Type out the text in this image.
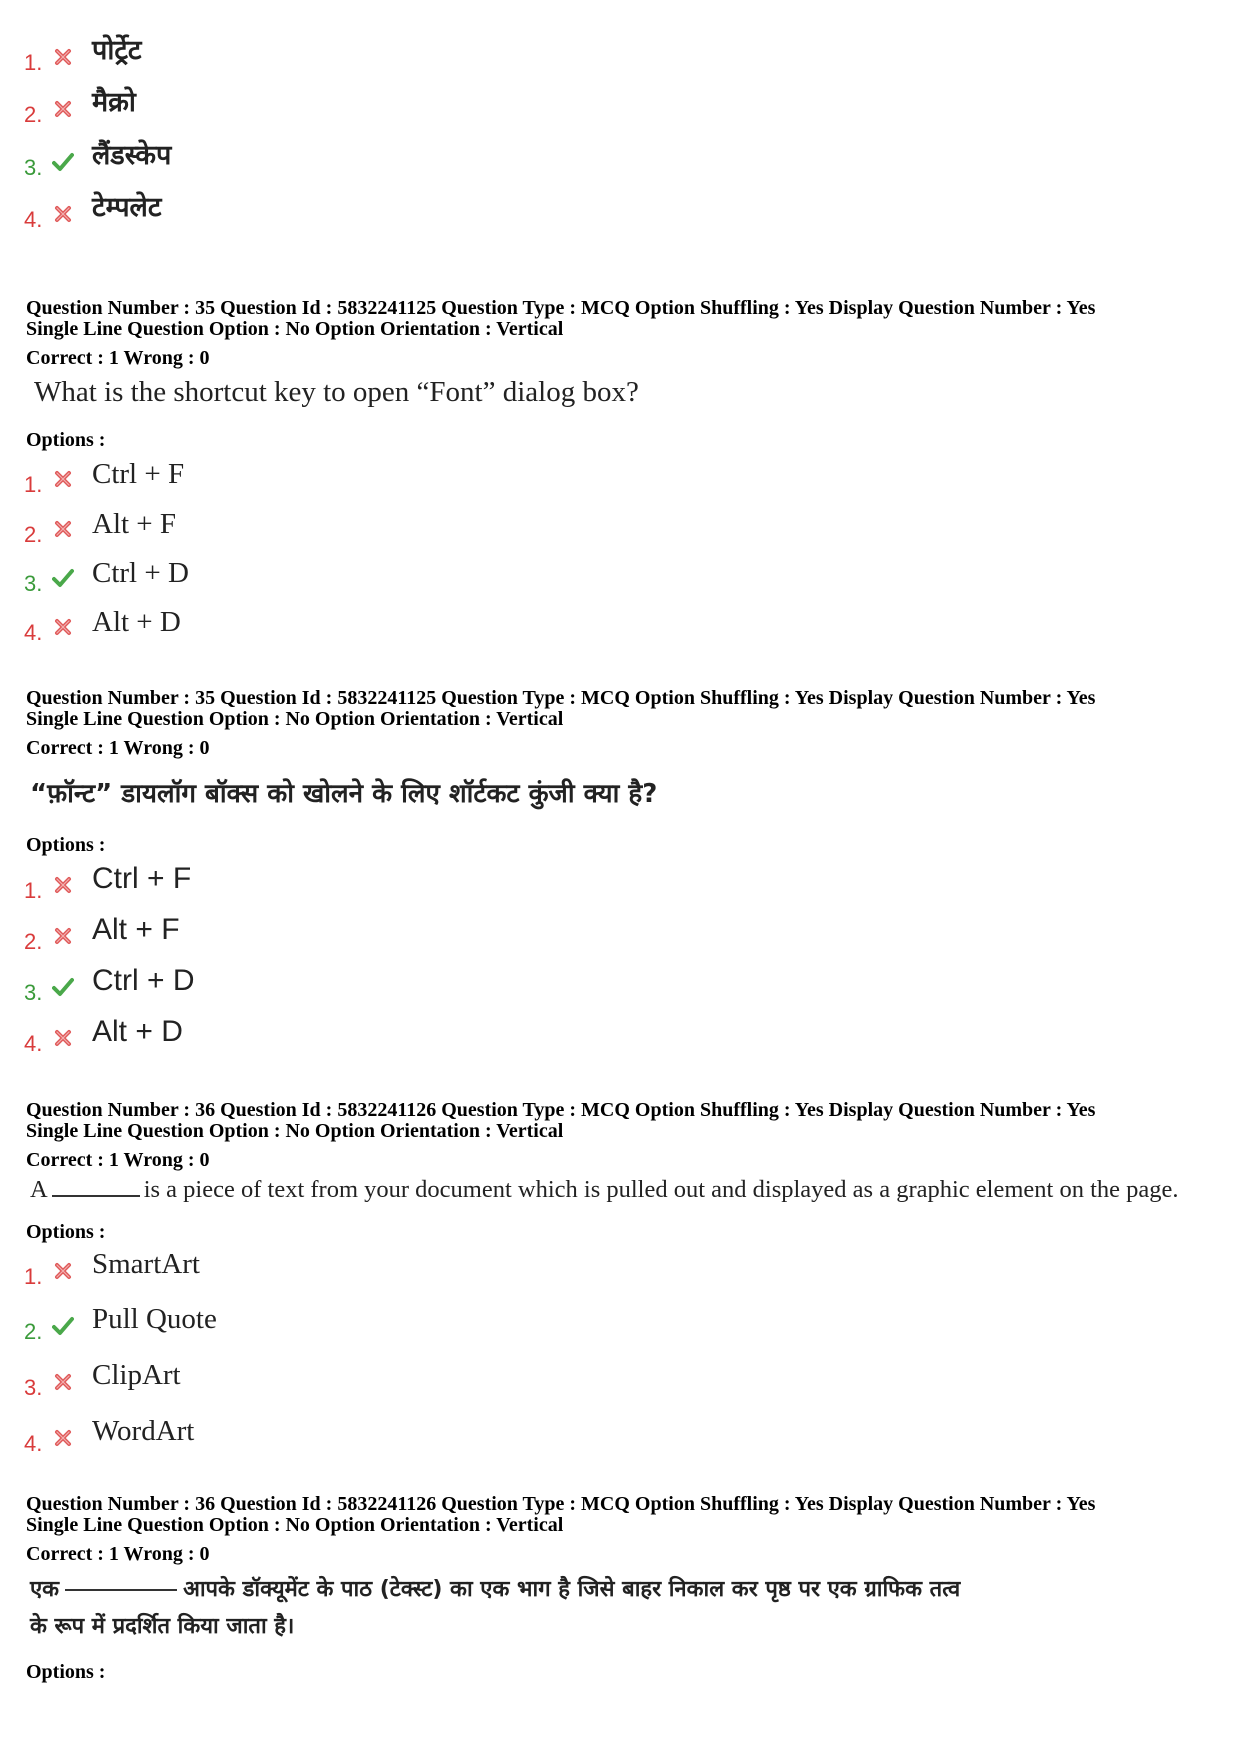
1. पोर्ट्रेट
2. मैक्रो
3. लैंडस्केप
4. टेम्पलेट
Question Number : 35 Question Id : 5832241125 Question Type : MCQ Option Shuffling : Yes Display Question Number : Yes
Single Line Question Option : No Option Orientation : Vertical
Correct : 1 Wrong : 0
What is the shortcut key to open “Font” dialog box?
Options :
1. Ctrl + F
2. Alt + F
3. Ctrl + D
4. Alt + D
Question Number : 35 Question Id : 5832241125 Question Type : MCQ Option Shuffling : Yes Display Question Number : Yes
Single Line Question Option : No Option Orientation : Vertical
Correct : 1 Wrong : 0
“फ़ॉन्ट” डायलॉग बॉक्स को खोलने के लिए शॉर्टकट कुंजी क्या है?
Options :
1. Ctrl + F
2. Alt + F
3. Ctrl + D
4. Alt + D
Question Number : 36 Question Id : 5832241126 Question Type : MCQ Option Shuffling : Yes Display Question Number : Yes
Single Line Question Option : No Option Orientation : Vertical
Correct : 1 Wrong : 0
A	is a piece of text from your document which is pulled out and displayed as a graphic element on the page.
Options :
1. SmartArt
2. Pull Quote
3. ClipArt
4. WordArt
Question Number : 36 Question Id : 5832241126 Question Type : MCQ Option Shuffling : Yes Display Question Number : Yes
Single Line Question Option : No Option Orientation : Vertical
Correct : 1 Wrong : 0
एक	आपके डॉक्यूमेंट के पाठ (टेक्स्ट) का एक भाग है जिसे बाहर निकाल कर पृष्ठ पर एक ग्राफिक तत्व
के रूप में प्रदर्शित किया जाता है।
Options :
